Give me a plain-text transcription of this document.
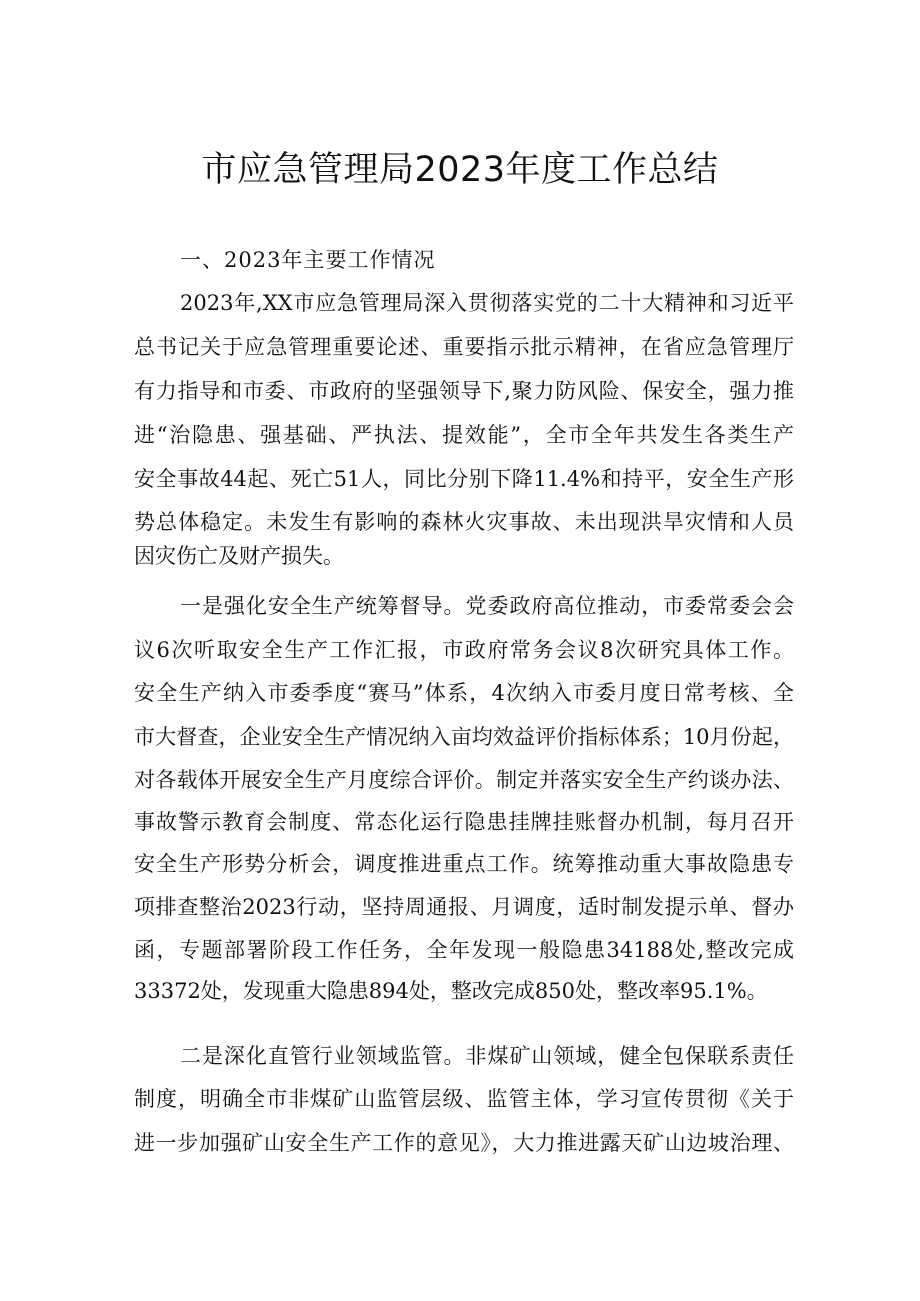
市应急管理局2023年度工作总结
一、2023年主要工作情况
2023年,XX市应急管理局深入贯彻落实党的二十大精神和习近平
总书记关于应急管理重要论述、重要指示批示精神，在省应急管理厅
有力指导和市委、市政府的坚强领导下,聚力防风险、保安全，强力推
进“治隐患、强基础、严执法、提效能”，全市全年共发生各类生产
安全事故44起、死亡51人，同比分别下降11.4%和持平，安全生产形
势总体稳定。未发生有影响的森林火灾事故、未出现洪旱灾情和人员
因灾伤亡及财产损失。
一是强化安全生产统筹督导。党委政府高位推动，市委常委会会
议6次听取安全生产工作汇报，市政府常务会议8次研究具体工作。
安全生产纳入市委季度“赛马”体系，4次纳入市委月度日常考核、全
市大督查，企业安全生产情况纳入亩均效益评价指标体系；10月份起，
对各载体开展安全生产月度综合评价。制定并落实安全生产约谈办法、
事故警示教育会制度、常态化运行隐患挂牌挂账督办机制，每月召开
安全生产形势分析会，调度推进重点工作。统筹推动重大事故隐患专
项排查整治2023行动，坚持周通报、月调度，适时制发提示单、督办
函，专题部署阶段工作任务，全年发现一般隐患34188处,整改完成
33372处，发现重大隐患894处，整改完成850处，整改率95.1%。
二是深化直管行业领域监管。非煤矿山领域，健全包保联系责任
制度，明确全市非煤矿山监管层级、监管主体，学习宣传贯彻《关于
进一步加强矿山安全生产工作的意见》，大力推进露天矿山边坡治理、
